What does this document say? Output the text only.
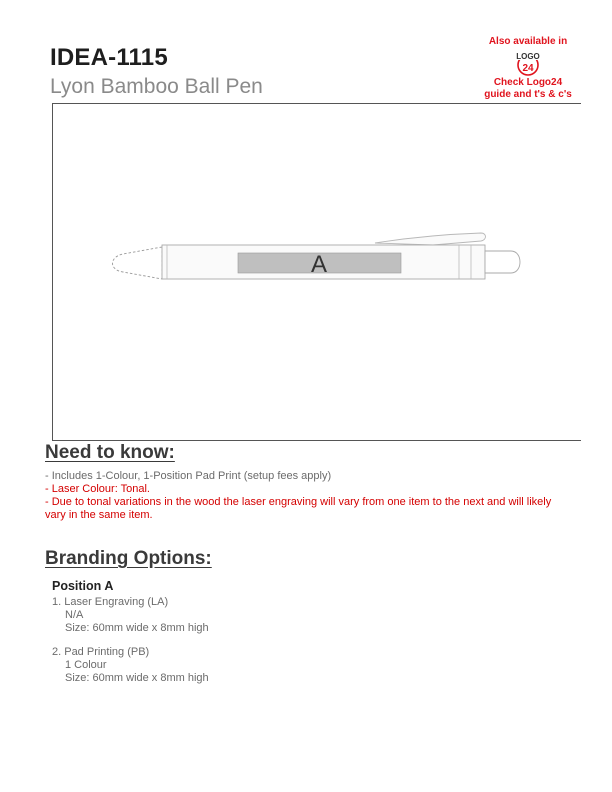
IDEA-1115
Lyon Bamboo Ball Pen
Also available in
LOGO
24
Check Logo24
guide and t's & c's
A
Need to know:
- Includes 1-Colour, 1-Position Pad Print (setup fees apply)
- Laser Colour: Tonal.
- Due to tonal variations in the wood the laser engraving will vary from one item to the next and will likely vary in the same item.
Branding Options:
Position A
1. Laser Engraving (LA)
N/A
Size: 60mm wide x 8mm high
2. Pad Printing (PB)
1 Colour
Size: 60mm wide x 8mm high
